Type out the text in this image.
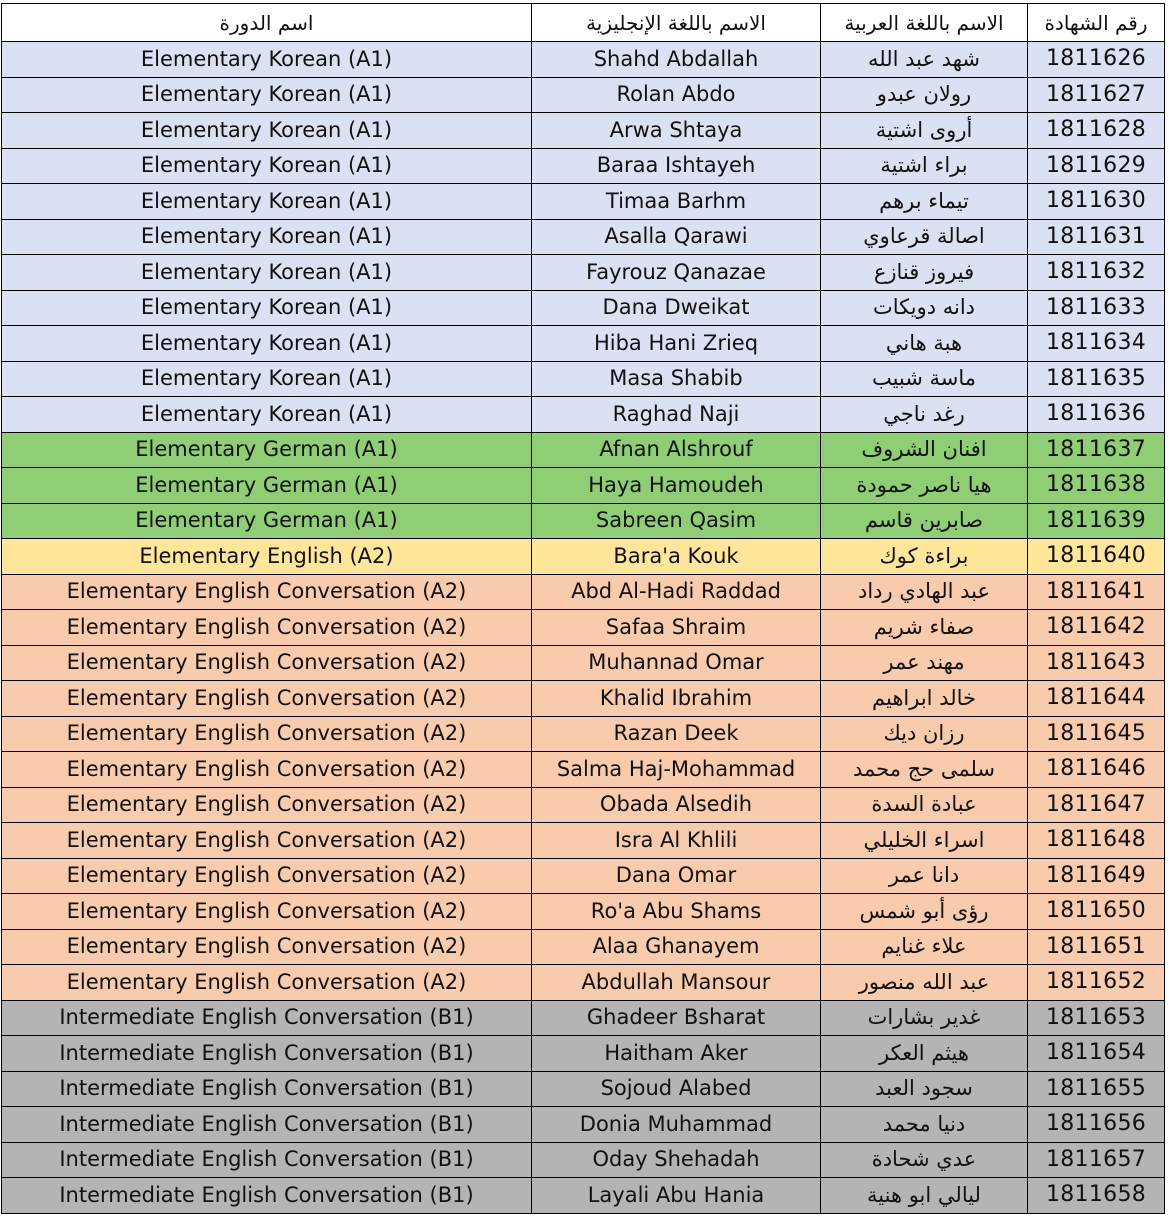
اسم الدورة	الاسم باللغة الإنجليزية	الاسم باللغة العربية	رقم الشهادة
Elementary Korean (A1)	Shahd Abdallah	شهد عبد الله	1811626
Elementary Korean (A1)	Rolan Abdo	رولان عبدو	1811627
Elementary Korean (A1)	Arwa Shtaya	أروى اشتية	1811628
Elementary Korean (A1)	Baraa Ishtayeh	براء اشتية	1811629
Elementary Korean (A1)	Timaa Barhm	تيماء برهم	1811630
Elementary Korean (A1)	Asalla Qarawi	اصالة قرعاوي	1811631
Elementary Korean (A1)	Fayrouz Qanazae	فيروز قنازع	1811632
Elementary Korean (A1)	Dana Dweikat	دانه دويكات	1811633
Elementary Korean (A1)	Hiba Hani Zrieq	هبة هاني	1811634
Elementary Korean (A1)	Masa Shabib	ماسة شبيب	1811635
Elementary Korean (A1)	Raghad Naji	رغد ناجي	1811636
Elementary German (A1)	Afnan Alshrouf	افنان الشروف	1811637
Elementary German (A1)	Haya Hamoudeh	هيا ناصر حمودة	1811638
Elementary German (A1)	Sabreen Qasim	صابرين قاسم	1811639
Elementary English (A2)	Bara'a Kouk	براءة كوك	1811640
Elementary English Conversation (A2)	Abd Al-Hadi Raddad	عبد الهادي رداد	1811641
Elementary English Conversation (A2)	Safaa Shraim	صفاء شريم	1811642
Elementary English Conversation (A2)	Muhannad Omar	مهند عمر	1811643
Elementary English Conversation (A2)	Khalid Ibrahim	خالد ابراهيم	1811644
Elementary English Conversation (A2)	Razan Deek	رزان ديك	1811645
Elementary English Conversation (A2)	Salma Haj-Mohammad	سلمى حج محمد	1811646
Elementary English Conversation (A2)	Obada Alsedih	عبادة السدة	1811647
Elementary English Conversation (A2)	Isra Al Khlili	اسراء الخليلي	1811648
Elementary English Conversation (A2)	Dana Omar	دانا عمر	1811649
Elementary English Conversation (A2)	Ro'a Abu Shams	رؤى أبو شمس	1811650
Elementary English Conversation (A2)	Alaa Ghanayem	علاء غنايم	1811651
Elementary English Conversation (A2)	Abdullah Mansour	عبد الله منصور	1811652
Intermediate English Conversation (B1)	Ghadeer Bsharat	غدير بشارات	1811653
Intermediate English Conversation (B1)	Haitham Aker	هيثم العكر	1811654
Intermediate English Conversation (B1)	Sojoud Alabed	سجود العبد	1811655
Intermediate English Conversation (B1)	Donia Muhammad	دنيا محمد	1811656
Intermediate English Conversation (B1)	Oday Shehadah	عدي شحادة	1811657
Intermediate English Conversation (B1)	Layali Abu Hania	ليالي ابو هنية	1811658
